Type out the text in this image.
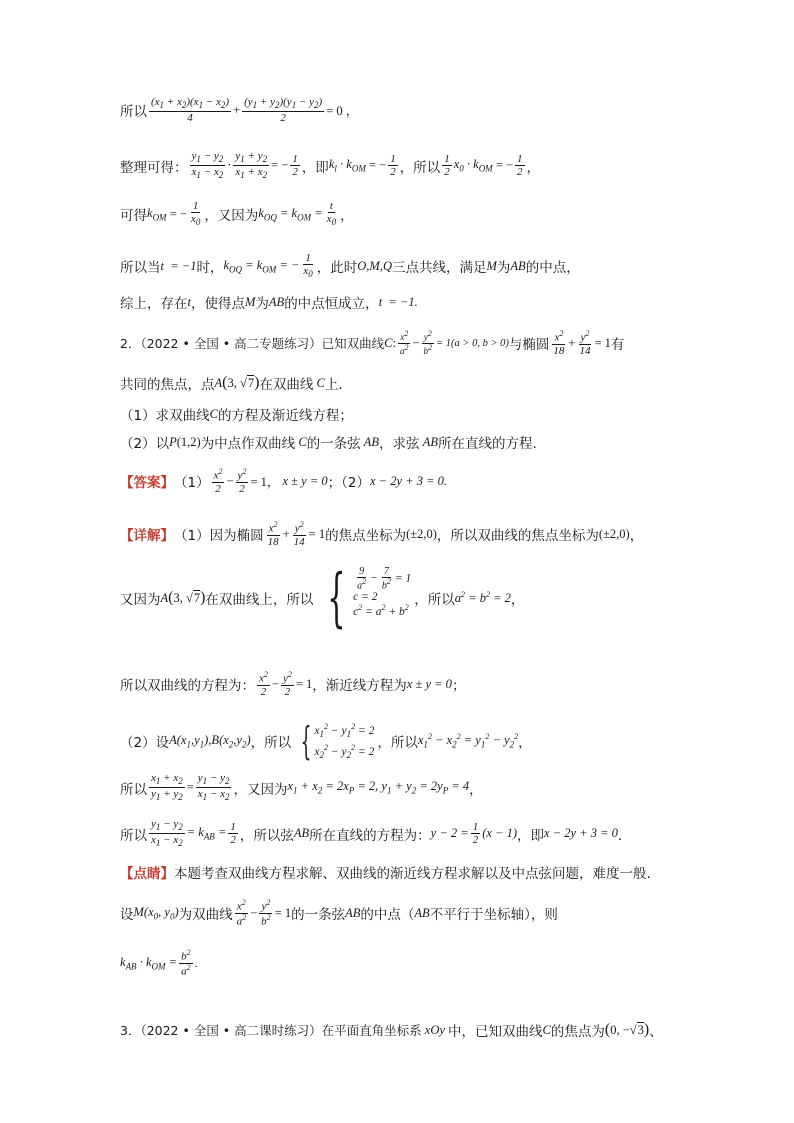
所以 $\frac{(x_1 + x_2)(x_1 - x_2)}{4} + \frac{(y_1 + y_2)(y_1 - y_2)}{2} = 0$ ，
整理可得： $\frac{y_1 - y_2}{x_1 - x_2} \cdot \frac{y_1 + y_2}{x_1 + x_2}$ = − $\frac{1}{2}$ ，即 $k_l \cdot k_{OM}$ = − $\frac{1}{2}$ ，所以 $\frac{1}{2} x_0 \cdot k_{OM}$ = − $\frac{1}{2}$ ，
可得 $k_{OM}$ = − $\frac{1}{x_0}$ ，又因为 $k_{OQ} = k_{OM} = \frac{t}{x_0}$ ，
所以当 t  = −1 时， $k_{OQ} = k_{OM}$ = − $\frac{1}{x_0}$ ，此时 O,M,Q 三点共线，满足 M 为 AB 的中点，
综上，存在 t ，使得点 M 为 AB 的中点恒成立， t  = −1.
2．（2022 • 全国 • 高二专题练习）已知双曲线 C : $\frac{x^2}{a^2} - \frac{y^2}{b^2} = 1(a > 0$, b > 0) 与椭圆 $\frac{x^2}{18} + \frac{y^2}{14} = 1$ 有
共同的焦点，点 A ( 3, √7 ) 在双曲线 C 上.
（1）求双曲线 C 的方程及渐近线方程；
（2）以 P (1,2) 为中点作双曲线 C 的一条弦 AB ，求弦 AB 所在直线的方程.
【答案】 $(1) \frac{x^2}{2} - \frac{y^2}{2} = 1$， x ± y = 0 ；（2） x − 2y + 3 = 0.
【详解】 （1）因为椭圆 $\frac{x^2}{18} + \frac{y^2}{14} = 1$ 的焦点坐标为 (±2,0) ，所以双曲线的焦点坐标为 (±2,0) ，
又因为 A ( 3, √7 ) 在双曲线上，所以 { $\frac{9}{a^2} - \frac{7}{b^2} = 1$
c = 2
$c^2 = a^2 + b^2$
，所以 $a^2 = b^2 = 2$ ，
所以双曲线的方程为： $\frac{x^2}{2} - \frac{y^2}{2} = 1$ ，渐近线方程为 x ± y = 0 ；
（2）设 $A(x_1,y_1),B(x_2,y_2)$ ，所以 { $x_1^2 - y_1^2 = 2$
$x_2^2 - y_2^2 = 2$
，所以 $x_1^2 - x_2^2 = y_1^2 - y_2^2$ ，
所以 $\frac{x_1 + x_2}{y_1 + y_2} = \frac{y_1 - y_2}{x_1 - x_2}$ ，又因为 $x_1 + x_2 = 2x_P = 2$, $y_1 + y_2 = 2y_P = 4$ ，
所以 $\frac{y_1 - y_2}{x_1 - x_2} = k_{AB} = \frac{1}{2}$ ，所以弦 AB 所在直线的方程为： $y - 2 = \frac{1}{2} (x - 1)$ ，即 x − 2y + 3 = 0 ．
【点睛】 本题考查双曲线方程求解、双曲线的渐近线方程求解以及中点弦问题，难度一般.
设 $M(x_0$, $y_0$) 为双曲线 $\frac{x^2}{a^2} - \frac{y^2}{b^2} = 1$ 的一条弦 AB 的中点（ AB 不平行于坐标轴），则
$k_{AB} \cdot k_{OM} = \frac{b^2}{a^2}$ .
3．（2022 • 全国 • 高二课时练习）在平面直角坐标系 xOy 中，已知双曲线 C 的焦点为 ( 0, −√3 ) 、
